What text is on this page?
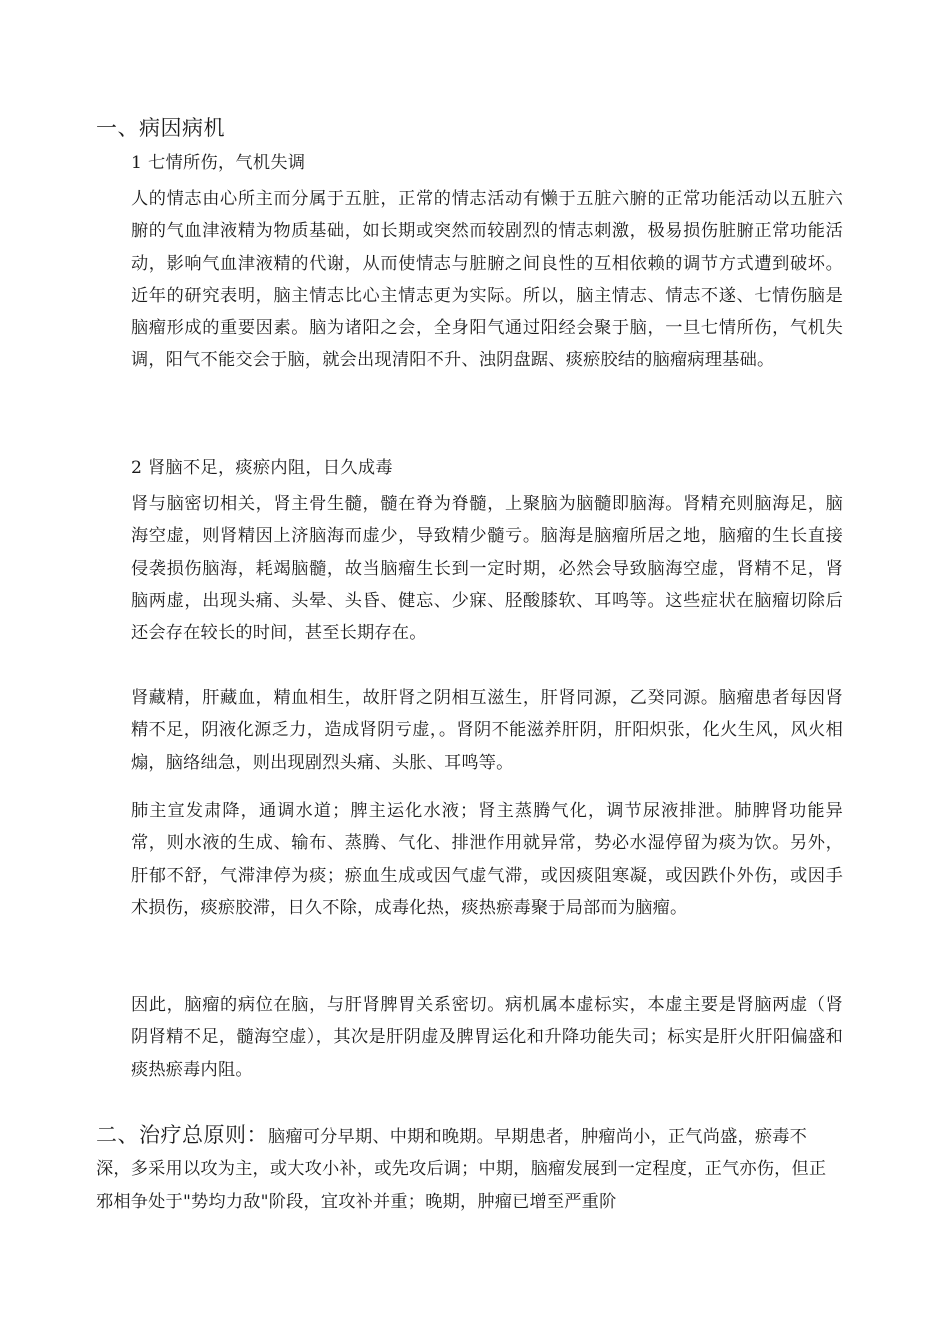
一、病因病机
1 七情所伤，气机失调

人的情志由心所主而分属于五脏，正常的情志活动有懒于五脏六腑的正常功能活动以五脏六腑的气血津液精为物质基础，如长期或突然而较剧烈的情志刺激，极易损伤脏腑正常功能活动，影响气血津液精的代谢，从而使情志与脏腑之间良性的互相依赖的调节方式遭到破坏。近年的研究表明，脑主情志比心主情志更为实际。所以，脑主情志、情志不遂、七情伤脑是脑瘤形成的重要因素。脑为诸阳之会，全身阳气通过阳经会聚于脑，一旦七情所伤，气机失调，阳气不能交会于脑，就会出现清阳不升、浊阴盘踞、痰瘀胶结的脑瘤病理基础。

2 肾脑不足，痰瘀内阻，日久成毒

肾与脑密切相关，肾主骨生髓，髓在脊为脊髓，上聚脑为脑髓即脑海。肾精充则脑海足，脑海空虚，则肾精因上济脑海而虚少，导致精少髓亏。脑海是脑瘤所居之地，脑瘤的生长直接侵袭损伤脑海，耗竭脑髓，故当脑瘤生长到一定时期，必然会导致脑海空虚，肾精不足，肾脑两虚，出现头痛、头晕、头昏、健忘、少寐、胫酸膝软、耳鸣等。这些症状在脑瘤切除后还会存在较长的时间，甚至长期存在。

肾藏精，肝藏血，精血相生，故肝肾之阴相互滋生，肝肾同源，乙癸同源。脑瘤患者每因肾精不足，阴液化源乏力，造成肾阴亏虚，。肾阴不能滋养肝阴，肝阳炽张，化火生风，风火相煽，脑络绌急，则出现剧烈头痛、头胀、耳鸣等。

肺主宣发肃降，通调水道；脾主运化水液；肾主蒸腾气化，调节尿液排泄。肺脾肾功能异常，则水液的生成、输布、蒸腾、气化、排泄作用就异常，势必水湿停留为痰为饮。另外，肝郁不舒，气滞津停为痰；瘀血生成或因气虚气滞，或因痰阻寒凝，或因跌仆外伤，或因手术损伤，痰瘀胶滞，日久不除，成毒化热，痰热瘀毒聚于局部而为脑瘤。

因此，脑瘤的病位在脑，与肝肾脾胃关系密切。病机属本虚标实，本虚主要是肾脑两虚（肾阴肾精不足，髓海空虚），其次是肝阴虚及脾胃运化和升降功能失司；标实是肝火肝阳偏盛和痰热瘀毒内阻。

二、治疗总原则：脑瘤可分早期、中期和晚期。早期患者，肿瘤尚小，正气尚盛，瘀毒不深，多采用以攻为主，或大攻小补，或先攻后调；中期，脑瘤发展到一定程度，正气亦伤，但正邪相争处于"势均力敌"阶段，宜攻补并重；晚期，肿瘤已增至严重阶
